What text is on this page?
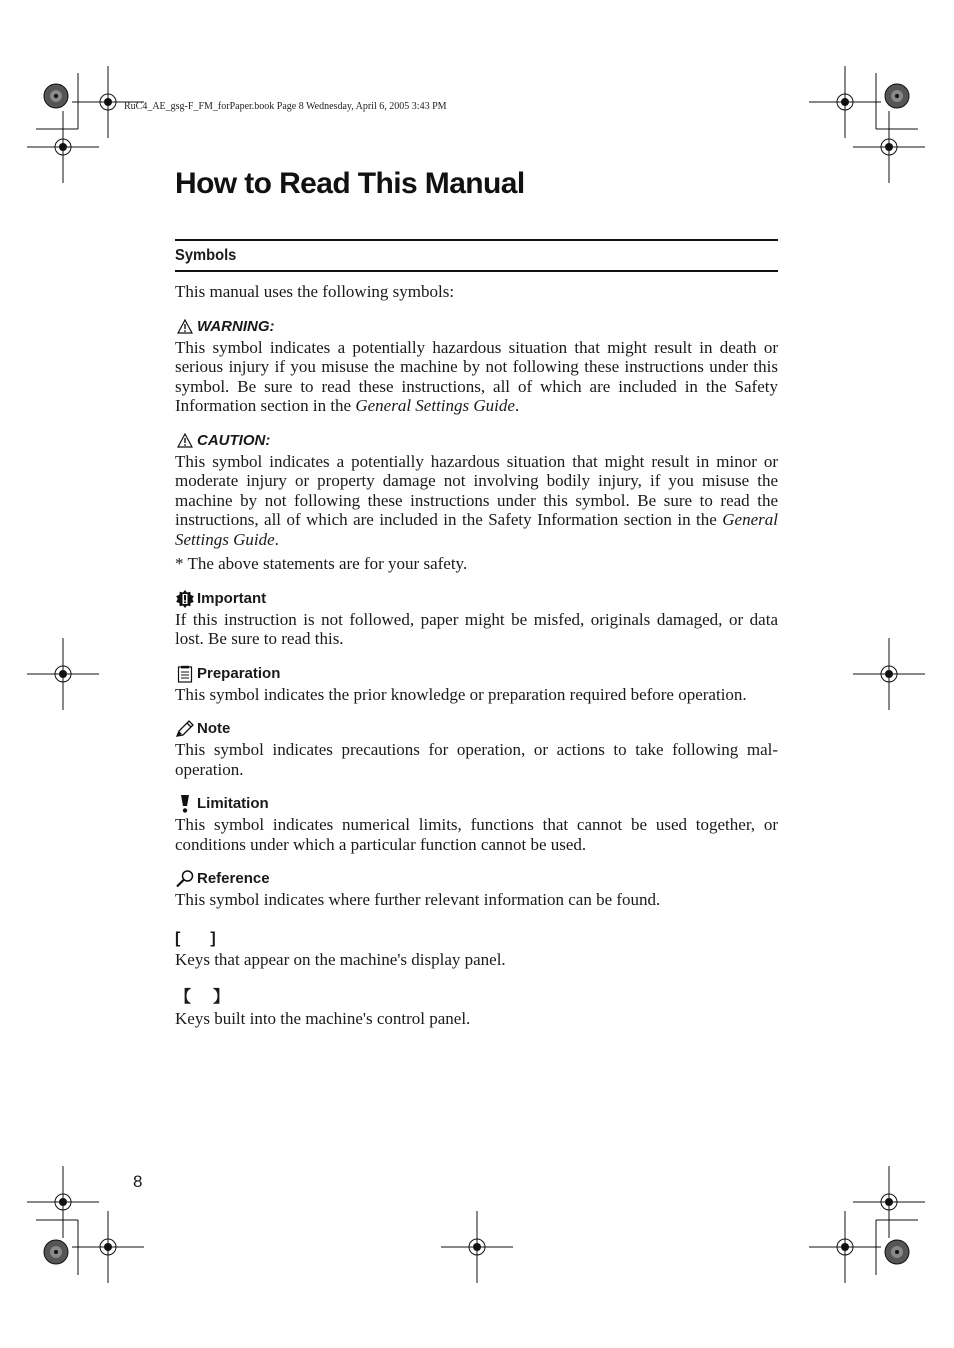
RuC4_AE_gsg-F_FM_forPaper.book Page 8 Wednesday, April 6, 2005 3:43 PM
How to Read This Manual
Symbols

This manual uses the following symbols:

WARNING:

This symbol indicates a potentially hazardous situation that might result in death or serious injury if you misuse the machine by not following these instructions under this symbol. Be sure to read these instructions, all of which are included in the Safety Information section in the General Settings Guide.

CAUTION:

This symbol indicates a potentially hazardous situation that might result in minor or moderate injury or property damage not involving bodily injury, if you misuse the machine by not following these instructions under this symbol. Be sure to read the instructions, all of which are included in the Safety Information section in the General Settings Guide.

* The above statements are for your safety.

Important

If this instruction is not followed, paper might be misfed, originals damaged, or data lost. Be sure to read this.

Preparation

This symbol indicates the prior knowledge or preparation required before operation.

Note

This symbol indicates precautions for operation, or actions to take following mal-operation.

Limitation

This symbol indicates numerical limits, functions that cannot be used together, or conditions under which a particular function cannot be used.

Reference

This symbol indicates where further relevant information can be found.

[ ]

Keys that appear on the machine's display panel.

【 】

Keys built into the machine's control panel.

8
